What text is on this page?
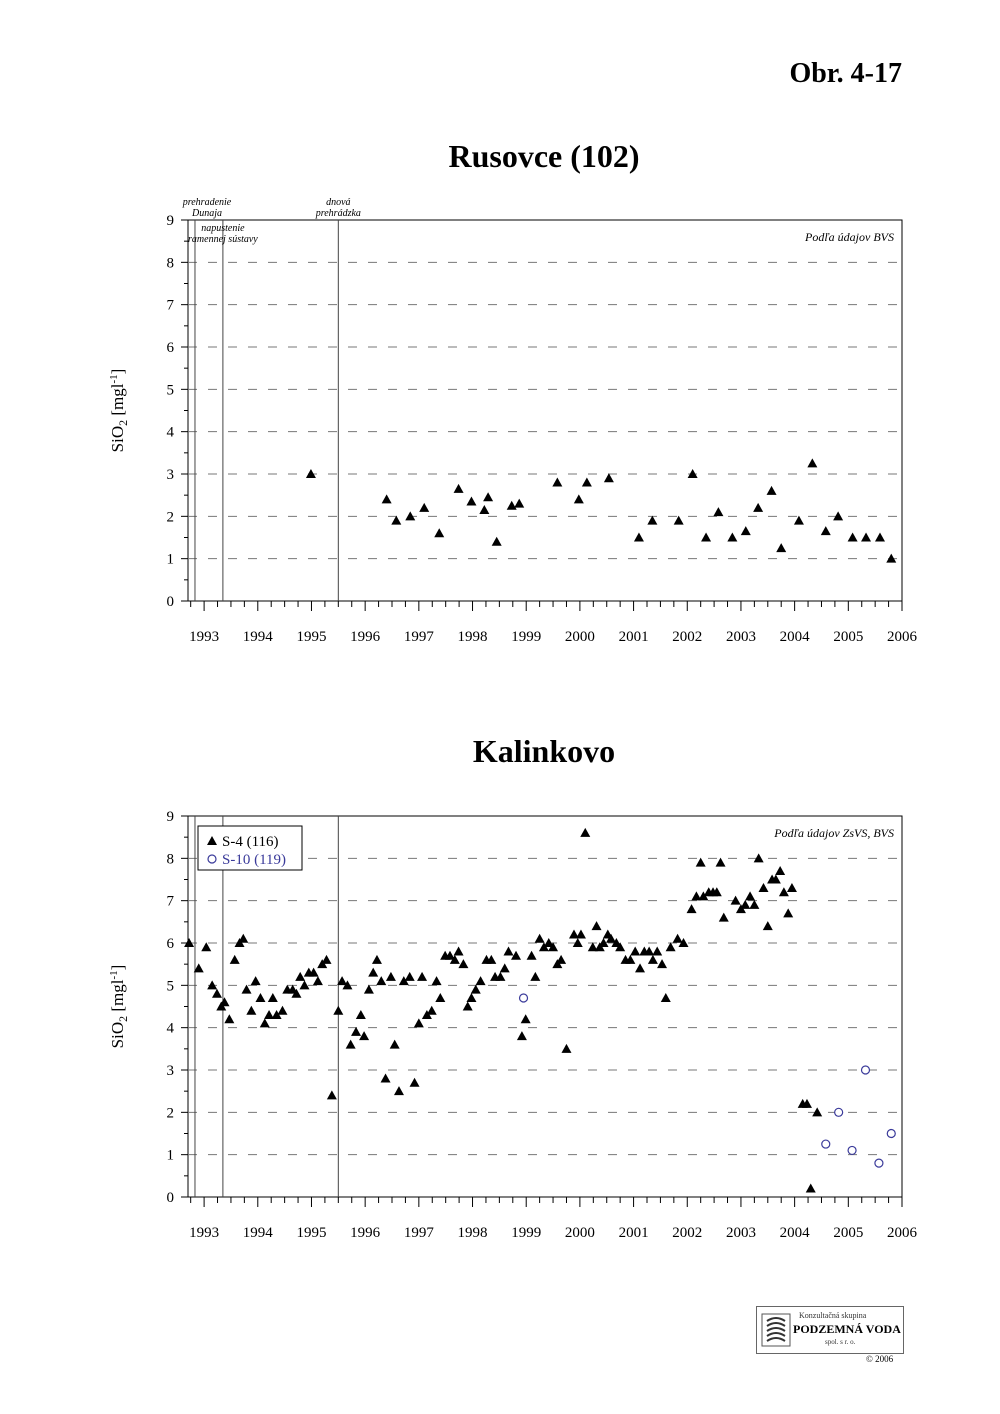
Obr. 4-17
Rusovce (102)
Kalinkovo
0
1
2
3
4
5
6
7
8
9
1993 1994 1995 1996 1997 1998 1999 2000 2001 2002 2003 2004 2005 2006
prehradenie
Dunaja
napustenie
ramennej sústavy
dnová
prehrádzka
Podľa údajov BVS
SiO$_2$ [mgl$^{-1}$]
0
1
2
3
4
5
6
7
8
9
1993 1994 1995 1996 1997 1998 1999 2000 2001 2002 2003 2004 2005 2006
Podľa údajov ZsVS, BVS
SiO$_2$ [mgl$^{-1}$]
S-4 (116)
S-10 (119)
Konzultačná skupina
PODZEMNÁ VODA
spol. s r. o.
© 2006
